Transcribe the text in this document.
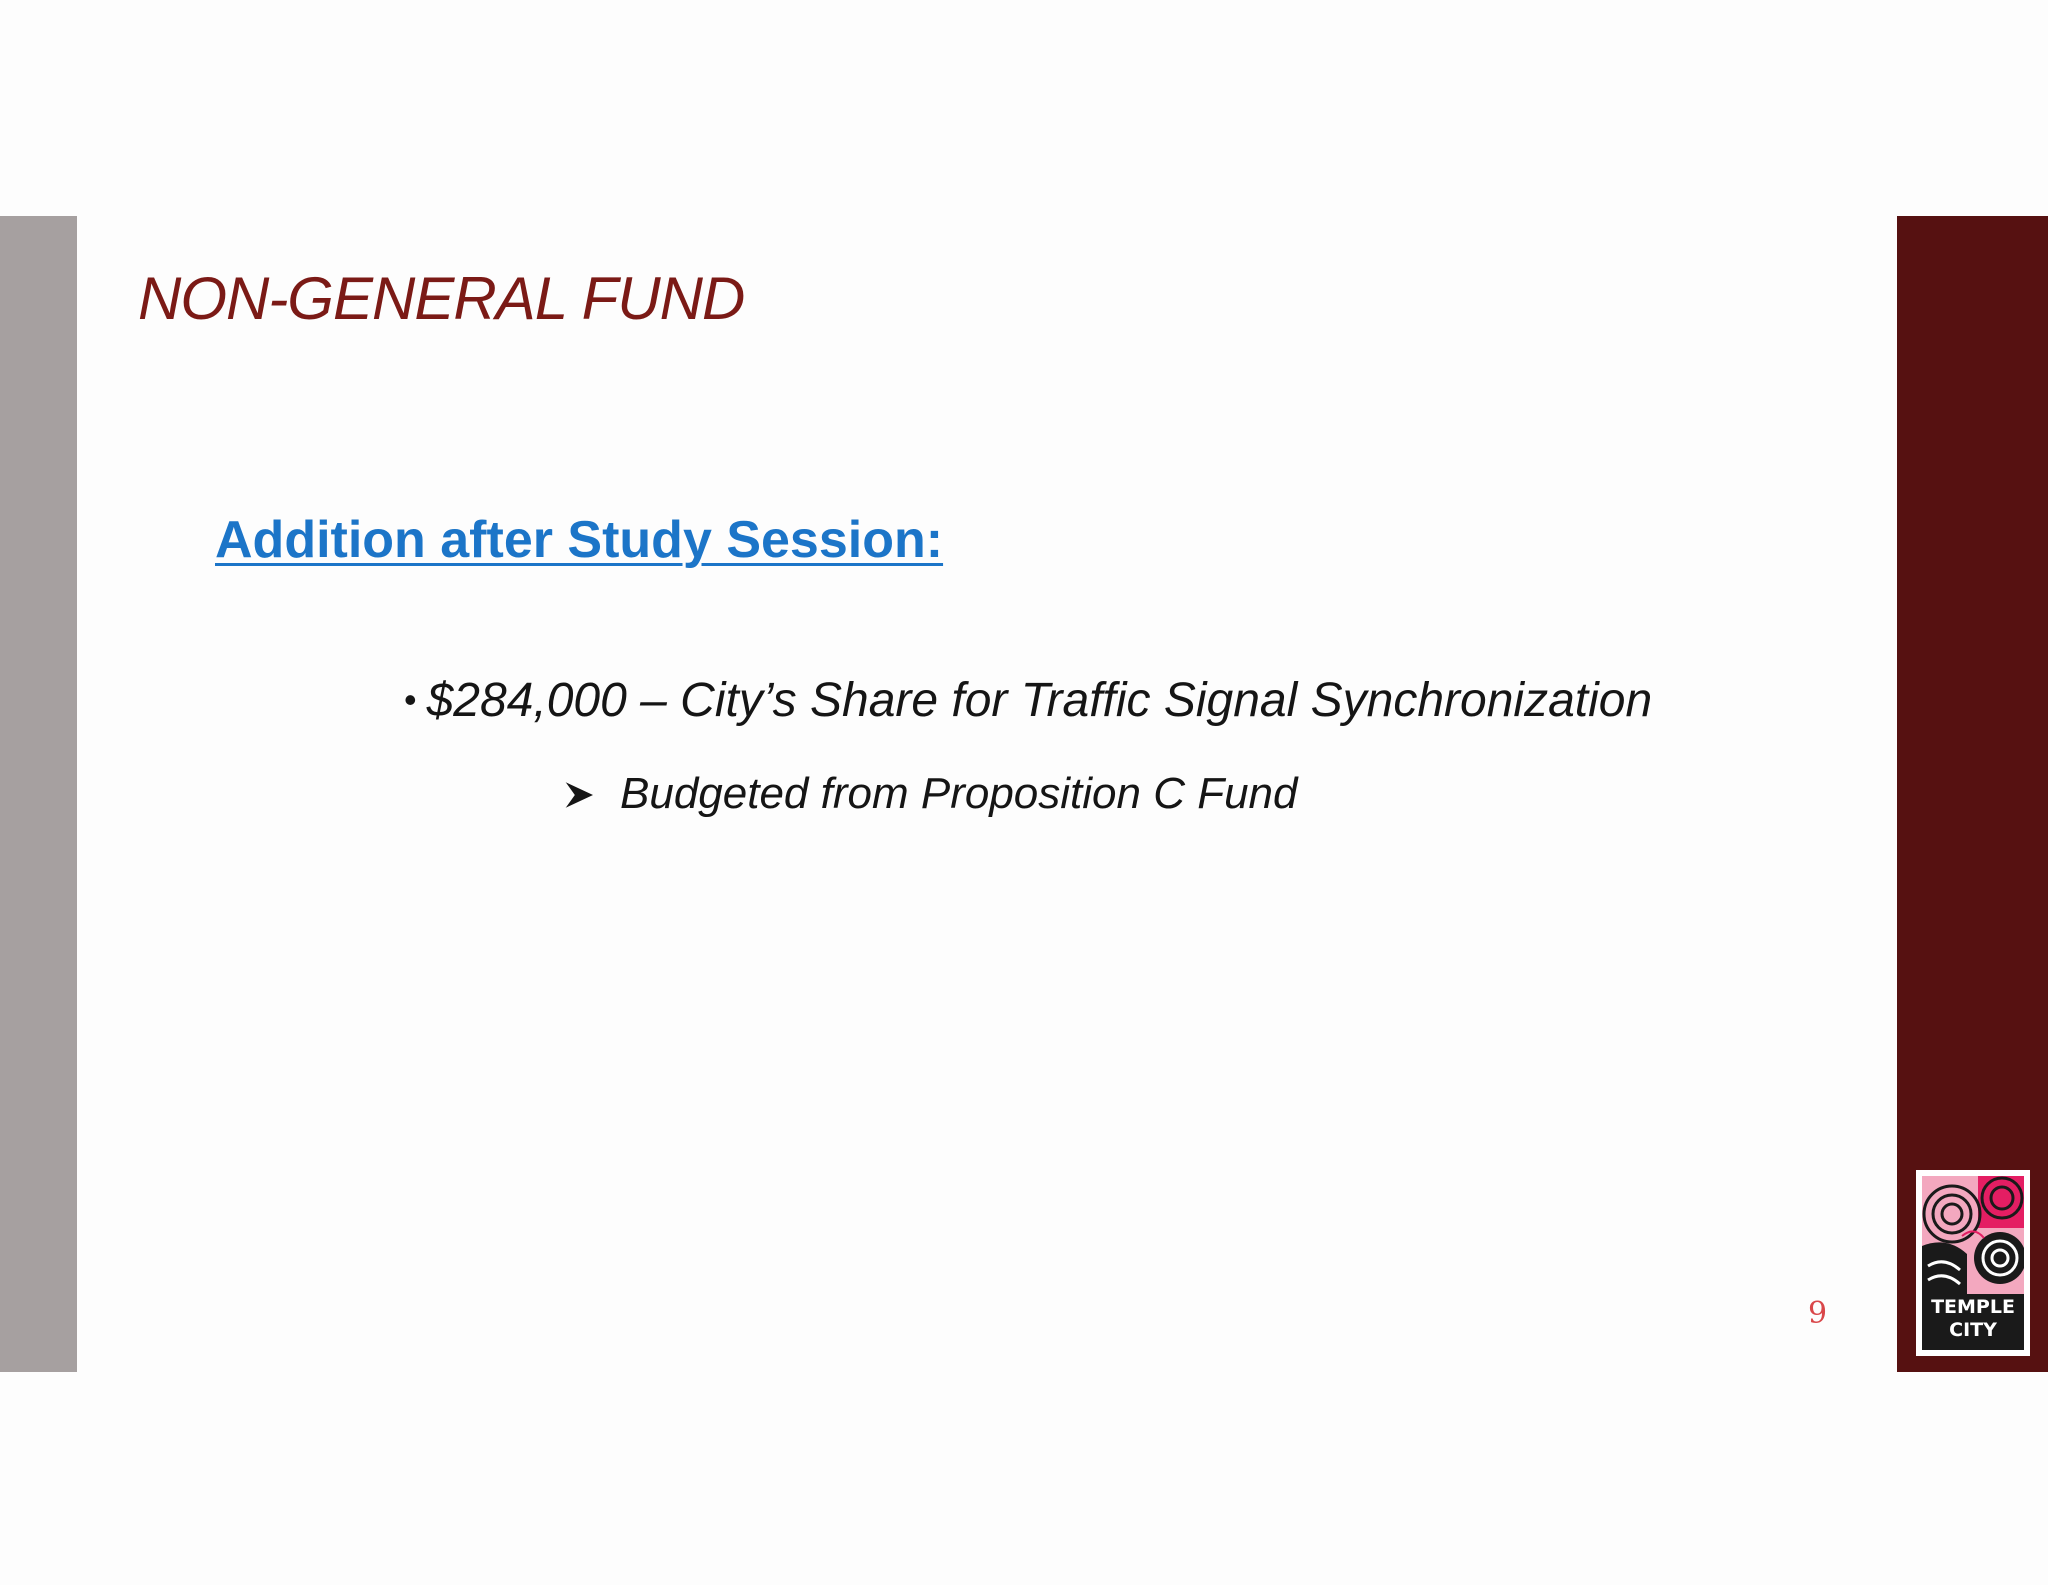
NON-GENERAL FUND
Addition after Study Session:
• $284,000 – City’s Share for Traffic Signal Synchronization
Budgeted from Proposition C Fund
9	TEMPLE
CITY
